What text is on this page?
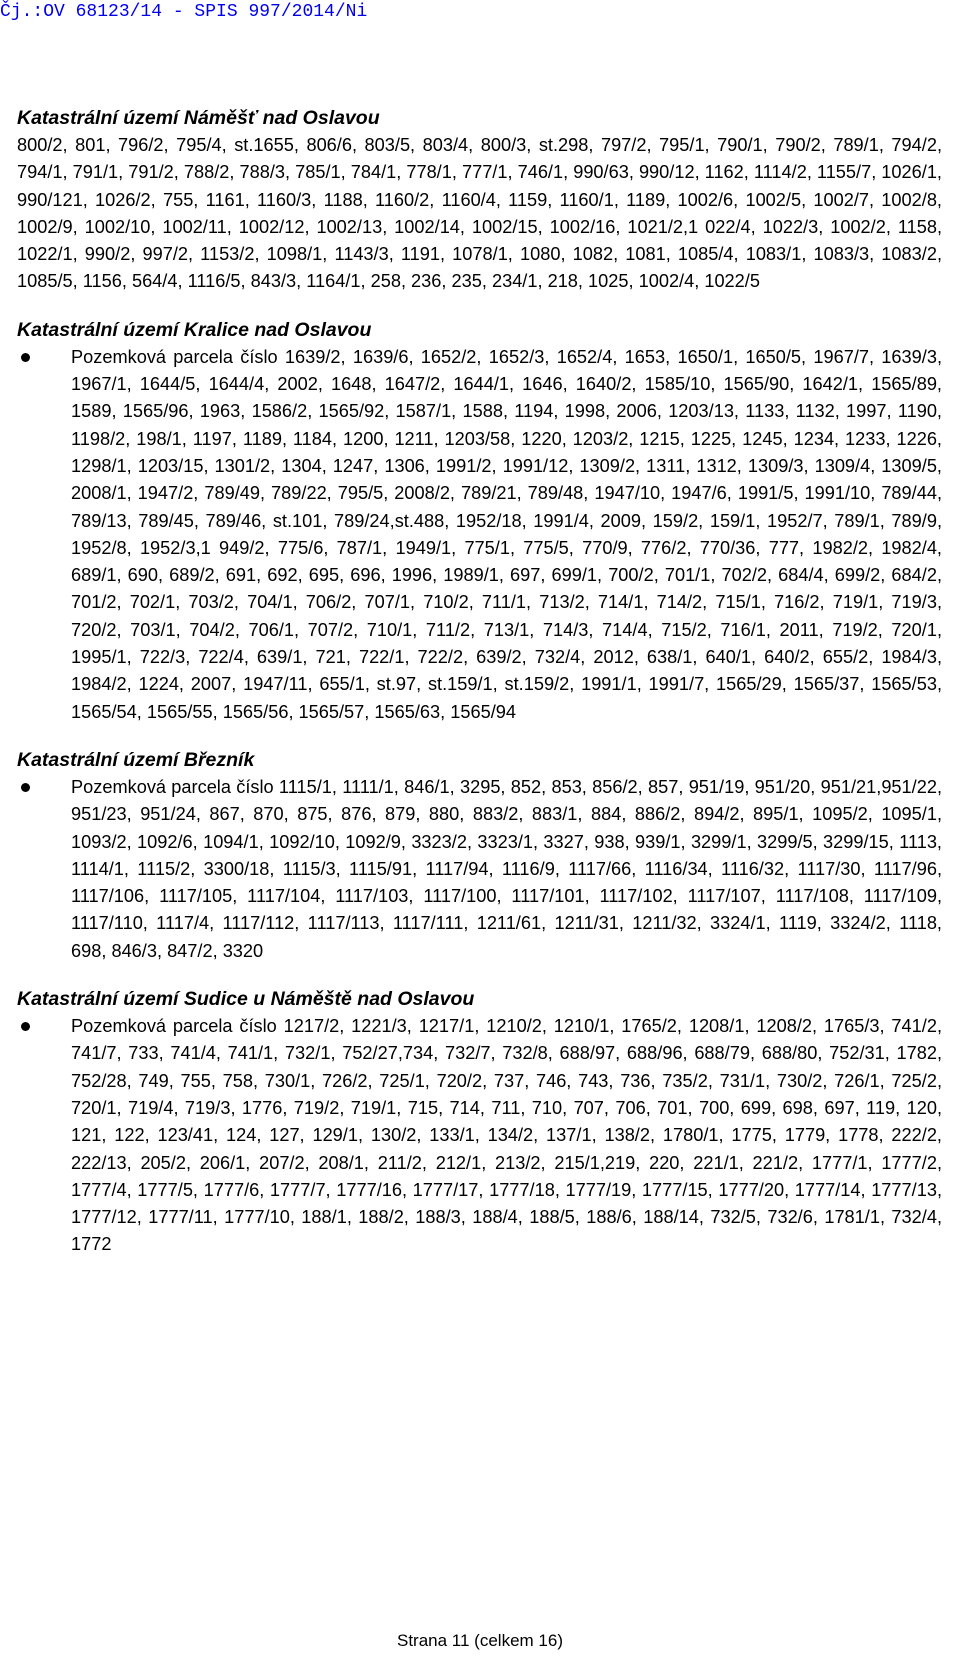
Čj.:OV 68123/14 - SPIS 997/2014/Ni
Katastrální území Náměšť nad Oslavou
800/2, 801, 796/2, 795/4, st.1655, 806/6, 803/5, 803/4, 800/3, st.298, 797/2, 795/1, 790/1, 790/2, 789/1, 794/2, 794/1, 791/1, 791/2, 788/2, 788/3, 785/1, 784/1, 778/1, 777/1, 746/1, 990/63, 990/12, 1162, 1114/2, 1155/7, 1026/1, 990/121, 1026/2, 755, 1161, 1160/3, 1188, 1160/2, 1160/4, 1159, 1160/1, 1189, 1002/6, 1002/5, 1002/7, 1002/8, 1002/9, 1002/10, 1002/11, 1002/12, 1002/13, 1002/14, 1002/15, 1002/16, 1021/2,1 022/4, 1022/3, 1002/2, 1158, 1022/1, 990/2, 997/2, 1153/2, 1098/1, 1143/3, 1191, 1078/1, 1080, 1082, 1081, 1085/4, 1083/1, 1083/3, 1083/2, 1085/5, 1156, 564/4, 1116/5, 843/3, 1164/1, 258, 236, 235, 234/1, 218, 1025, 1002/4, 1022/5
Katastrální území Kralice nad Oslavou
Pozemková parcela číslo 1639/2, 1639/6, 1652/2, 1652/3, 1652/4, 1653, 1650/1, 1650/5, 1967/7, 1639/3, 1967/1, 1644/5, 1644/4, 2002, 1648, 1647/2, 1644/1, 1646, 1640/2, 1585/10, 1565/90, 1642/1, 1565/89, 1589, 1565/96, 1963, 1586/2, 1565/92, 1587/1, 1588, 1194, 1998, 2006, 1203/13, 1133, 1132, 1997, 1190, 1198/2, 198/1, 1197, 1189, 1184, 1200, 1211, 1203/58, 1220, 1203/2, 1215, 1225, 1245, 1234, 1233, 1226, 1298/1, 1203/15, 1301/2, 1304, 1247, 1306, 1991/2, 1991/12, 1309/2, 1311, 1312, 1309/3, 1309/4, 1309/5, 2008/1, 1947/2, 789/49, 789/22, 795/5, 2008/2, 789/21, 789/48, 1947/10, 1947/6, 1991/5, 1991/10, 789/44, 789/13, 789/45, 789/46, st.101, 789/24,st.488, 1952/18, 1991/4, 2009, 159/2, 159/1, 1952/7, 789/1, 789/9, 1952/8, 1952/3,1 949/2, 775/6, 787/1, 1949/1, 775/1, 775/5, 770/9, 776/2, 770/36, 777, 1982/2, 1982/4, 689/1, 690, 689/2, 691, 692, 695, 696, 1996, 1989/1, 697, 699/1, 700/2, 701/1, 702/2, 684/4, 699/2, 684/2, 701/2, 702/1, 703/2, 704/1, 706/2, 707/1, 710/2, 711/1, 713/2, 714/1, 714/2, 715/1, 716/2, 719/1, 719/3, 720/2, 703/1, 704/2, 706/1, 707/2, 710/1, 711/2, 713/1, 714/3, 714/4, 715/2, 716/1, 2011, 719/2, 720/1, 1995/1, 722/3, 722/4, 639/1, 721, 722/1, 722/2, 639/2, 732/4, 2012, 638/1, 640/1, 640/2, 655/2, 1984/3, 1984/2, 1224, 2007, 1947/11, 655/1, st.97, st.159/1, st.159/2, 1991/1, 1991/7, 1565/29, 1565/37, 1565/53, 1565/54, 1565/55, 1565/56, 1565/57, 1565/63, 1565/94
Katastrální území Březník
Pozemková parcela číslo 1115/1, 1111/1, 846/1, 3295, 852, 853, 856/2, 857, 951/19, 951/20, 951/21,951/22, 951/23, 951/24, 867, 870, 875, 876, 879, 880, 883/2, 883/1, 884, 886/2, 894/2, 895/1, 1095/2, 1095/1, 1093/2, 1092/6, 1094/1, 1092/10, 1092/9, 3323/2, 3323/1, 3327, 938, 939/1, 3299/1, 3299/5, 3299/15, 1113, 1114/1, 1115/2, 3300/18, 1115/3, 1115/91, 1117/94, 1116/9, 1117/66, 1116/34, 1116/32, 1117/30, 1117/96, 1117/106, 1117/105, 1117/104, 1117/103, 1117/100, 1117/101, 1117/102, 1117/107, 1117/108, 1117/109, 1117/110, 1117/4, 1117/112, 1117/113, 1117/111, 1211/61, 1211/31, 1211/32, 3324/1, 1119, 3324/2, 1118, 698, 846/3, 847/2, 3320
Katastrální území Sudice u Náměště nad Oslavou
Pozemková parcela číslo 1217/2, 1221/3, 1217/1, 1210/2, 1210/1, 1765/2, 1208/1, 1208/2, 1765/3, 741/2, 741/7, 733, 741/4, 741/1, 732/1, 752/27,734, 732/7, 732/8, 688/97, 688/96, 688/79, 688/80, 752/31, 1782, 752/28, 749, 755, 758, 730/1, 726/2, 725/1, 720/2, 737, 746, 743, 736, 735/2, 731/1, 730/2, 726/1, 725/2, 720/1, 719/4, 719/3, 1776, 719/2, 719/1, 715, 714, 711, 710, 707, 706, 701, 700, 699, 698, 697, 119, 120, 121, 122, 123/41, 124, 127, 129/1, 130/2, 133/1, 134/2, 137/1, 138/2, 1780/1, 1775, 1779, 1778, 222/2, 222/13, 205/2, 206/1, 207/2, 208/1, 211/2, 212/1, 213/2, 215/1,219, 220, 221/1, 221/2, 1777/1, 1777/2, 1777/4, 1777/5, 1777/6, 1777/7, 1777/16, 1777/17, 1777/18, 1777/19, 1777/15, 1777/20, 1777/14, 1777/13, 1777/12, 1777/11, 1777/10, 188/1, 188/2, 188/3, 188/4, 188/5, 188/6, 188/14, 732/5, 732/6, 1781/1, 732/4, 1772
Strana 11 (celkem 16)
